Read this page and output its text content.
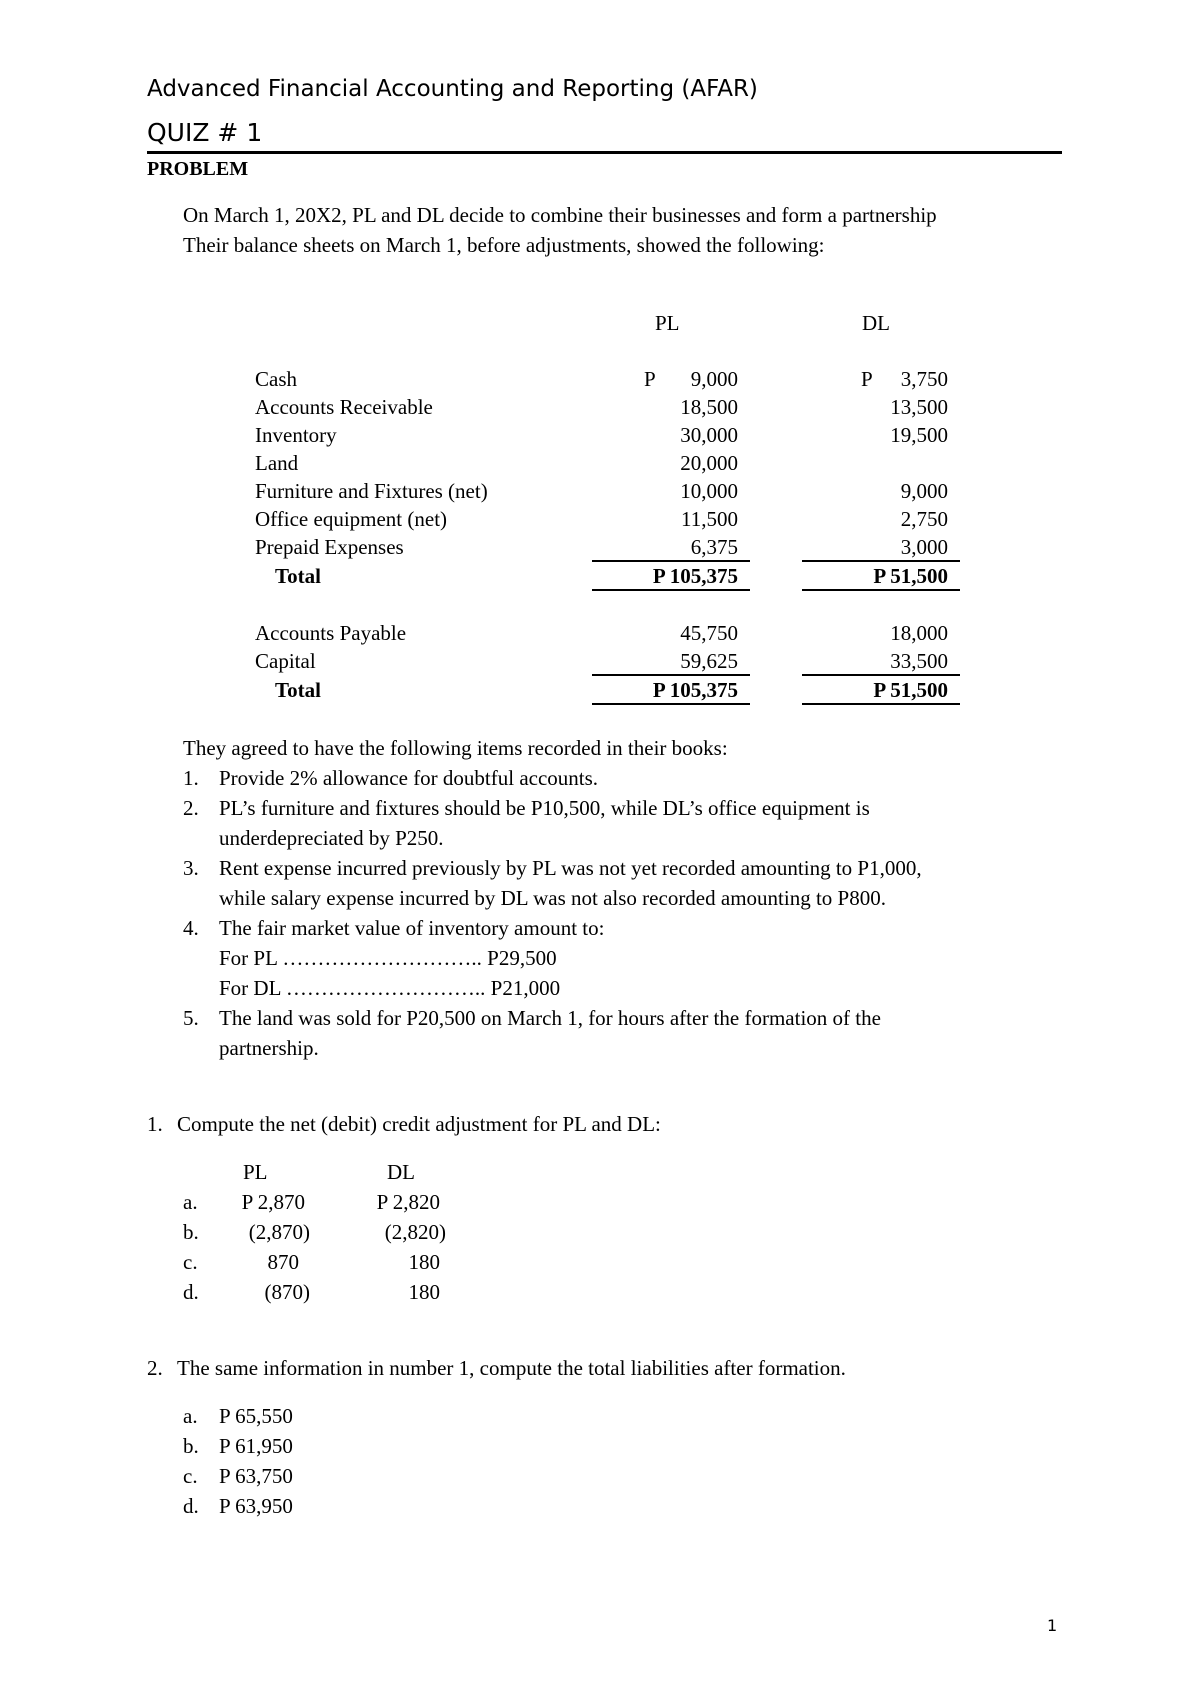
Advanced Financial Accounting and Reporting (AFAR)
QUIZ # 1
PROBLEM
On March 1, 20X2, PL and DL decide to combine their businesses and form a partnership
Their balance sheets on March 1, before adjustments, showed the following:
PL	DL
Cash	P	9,000	P	3,750
Accounts Receivable	18,500	13,500
Inventory	30,000	19,500
Land	20,000
Furniture and Fixtures (net)	10,000	9,000
Office equipment (net)	11,500	2,750
Prepaid Expenses	6,375	3,000
Total	P 105,375	P 51,500
Accounts Payable	45,750	18,000
Capital	59,625	33,500
Total	P 105,375	P 51,500
They agreed to have the following items recorded in their books:
1. Provide 2% allowance for doubtful accounts.
2. PL’s furniture and fixtures should be P10,500, while DL’s office equipment is
underdepreciated by P250.
3. Rent expense incurred previously by PL was not yet recorded amounting to P1,000,
while salary expense incurred by DL was not also recorded amounting to P800.
4. The fair market value of inventory amount to:
For PL ……………………….. P29,500
For DL ……………………….. P21,000
5. The land was sold for P20,500 on March 1, for hours after the formation of the
partnership.
1. Compute the net (debit) credit adjustment for PL and DL:
PL	DL
a.	P 2,870	P 2,820
b.	(2,870)	(2,820)
c.	870	180
d.	(870)	180
2. The same information in number 1, compute the total liabilities after formation.
a. P 65,550
b. P 61,950
c. P 63,750
d. P 63,950
1
